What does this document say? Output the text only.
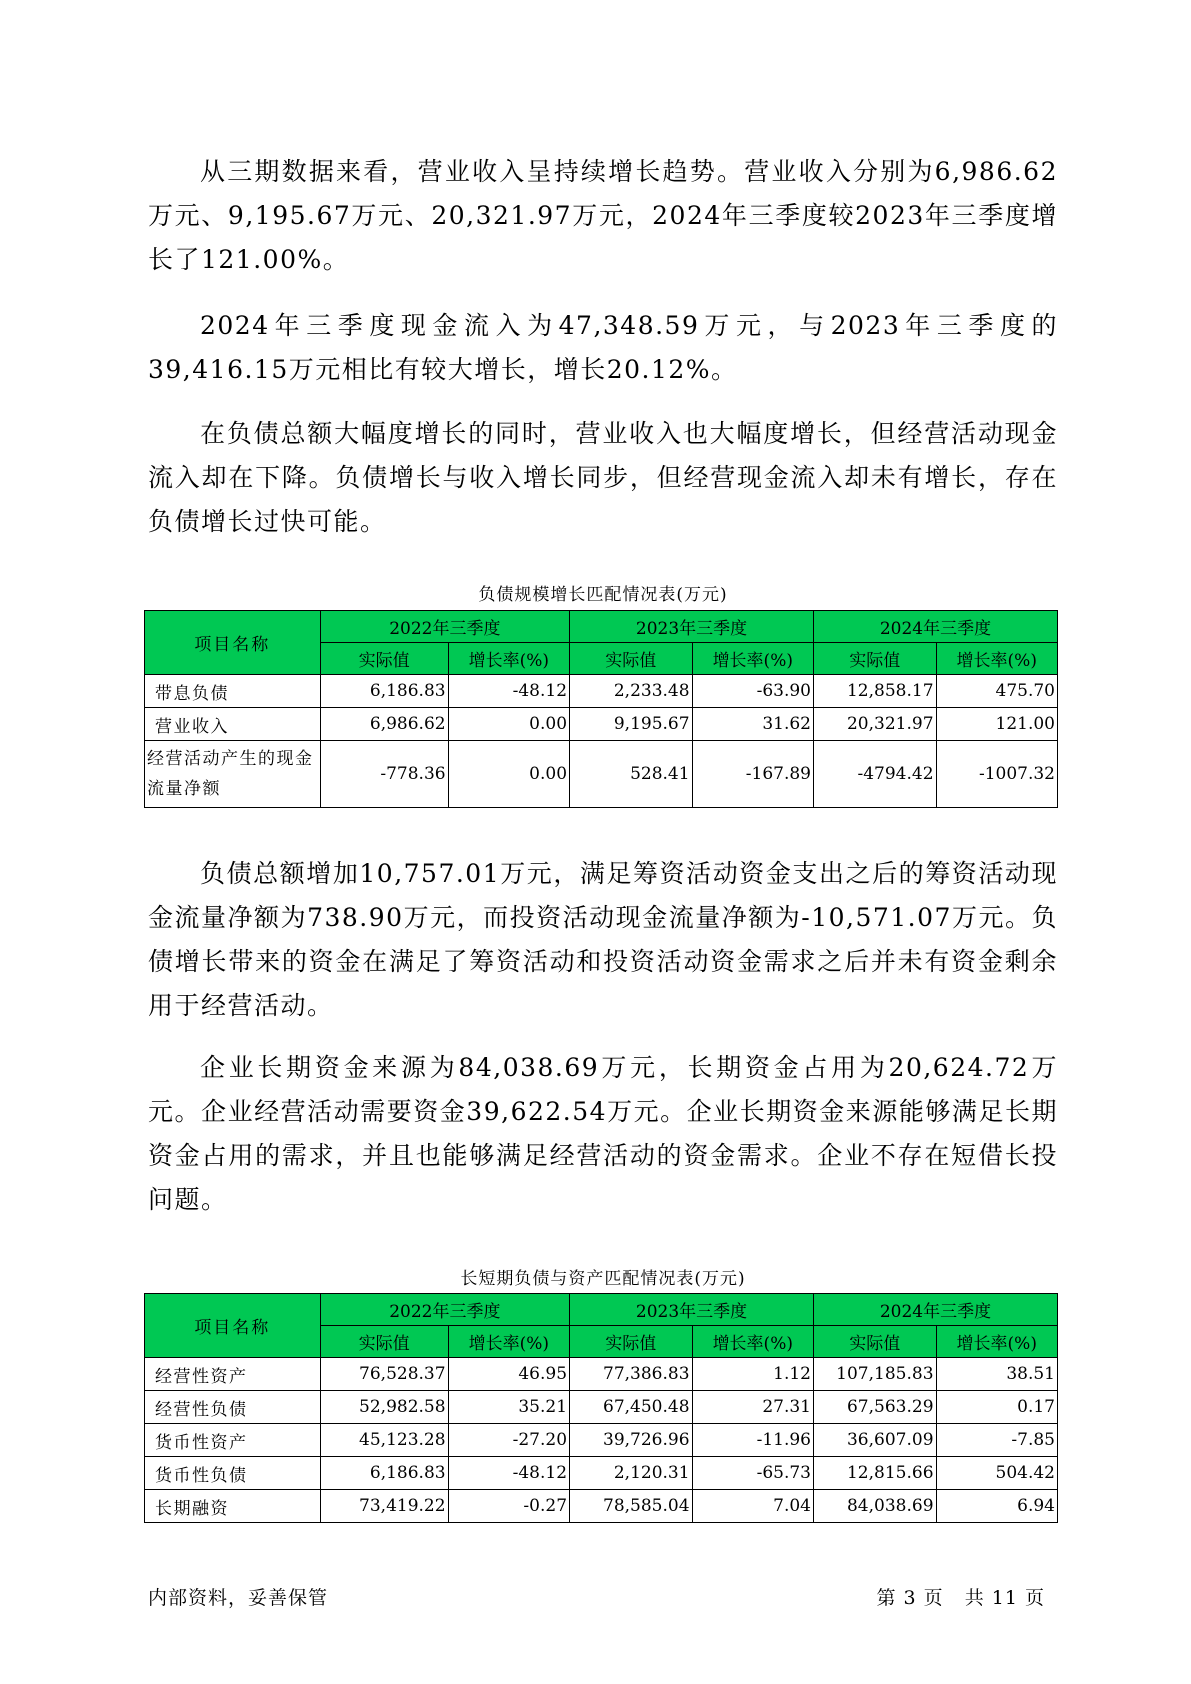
从三期数据来看，营业收入呈持续增长趋势。营业收入分别为6,986.62万元、9,195.67万元、20,321.97万元，2024年三季度较2023年三季度增长了121.00%。

2024年三季度现金流入为47,348.59万元，与2023年三季度的39,416.15万元相比有较大增长，增长20.12%。

在负债总额大幅度增长的同时，营业收入也大幅度增长，但经营活动现金流入却在下降。负债增长与收入增长同步，但经营现金流入却未有增长，存在负债增长过快可能。

负债规模增长匹配情况表(万元)
项目名称	2022年三季度		2023年三季度		2024年三季度	
	实际值	增长率(%)	实际值	增长率(%)	实际值	增长率(%)
带息负债	6,186.83	-48.12	2,233.48	-63.90	12,858.17	475.70
营业收入	6,986.62	0.00	9,195.67	31.62	20,321.97	121.00
经营活动产生的现金流量净额	-778.36	0.00	528.41	-167.89	-4794.42	-1007.32

负债总额增加10,757.01万元，满足筹资活动资金支出之后的筹资活动现金流量净额为738.90万元，而投资活动现金流量净额为-10,571.07万元。负债增长带来的资金在满足了筹资活动和投资活动资金需求之后并未有资金剩余用于经营活动。

企业长期资金来源为84,038.69万元，长期资金占用为20,624.72万元。企业经营活动需要资金39,622.54万元。企业长期资金来源能够满足长期资金占用的需求，并且也能够满足经营活动的资金需求。企业不存在短借长投问题。

长短期负债与资产匹配情况表(万元)
项目名称	2022年三季度		2023年三季度		2024年三季度	
	实际值	增长率(%)	实际值	增长率(%)	实际值	增长率(%)
经营性资产	76,528.37	46.95	77,386.83	1.12	107,185.83	38.51
经营性负债	52,982.58	35.21	67,450.48	27.31	67,563.29	0.17
货币性资产	45,123.28	-27.20	39,726.96	-11.96	36,607.09	-7.85
货币性负债	6,186.83	-48.12	2,120.31	-65.73	12,815.66	504.42
长期融资	73,419.22	-0.27	78,585.04	7.04	84,038.69	6.94
内部资料，妥善保管	第 3 页   共 11 页
